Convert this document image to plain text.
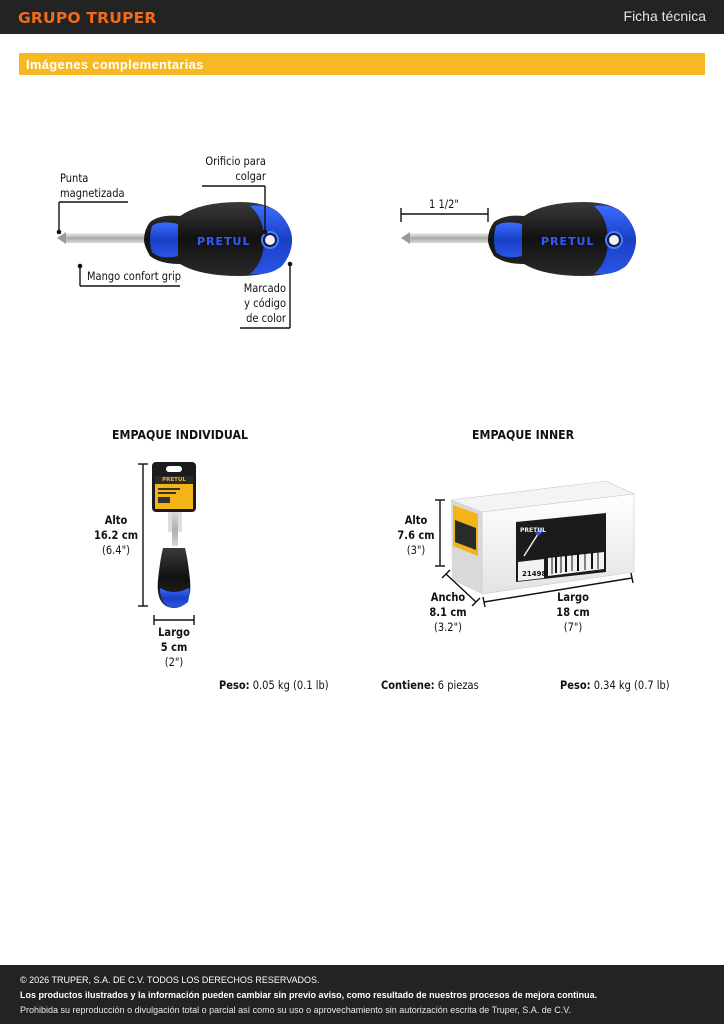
GRUPO TRUPER	Ficha técnica
Imágenes complementarias
PRETUL	PRETUL
PRETUL
PRETUL
21498
Punta
magnetizada
Orificio para
colgar
Mango confort grip
Marcado
y código
de color
1 1/2"
EMPAQUE INDIVIDUAL	EMPAQUE INNER
Alto
16.2 cm
(6.4")
Largo
5 cm
(2")
Alto
7.6 cm
(3")
Ancho
8.1 cm
(3.2")
Largo
18 cm
(7")
Peso: 0.05 kg (0.1 lb)	Contiene: 6 piezas	Peso: 0.34 kg (0.7 lb)
© 2026 TRUPER, S.A. DE C.V. TODOS LOS DERECHOS RESERVADOS.
Los productos ilustrados y la información pueden cambiar sin previo aviso, como resultado de nuestros procesos de mejora continua.
Prohibida su reproducción o divulgación total o parcial así como su uso o aprovechamiento sin autorización escrita de Truper, S.A. de C.V.
